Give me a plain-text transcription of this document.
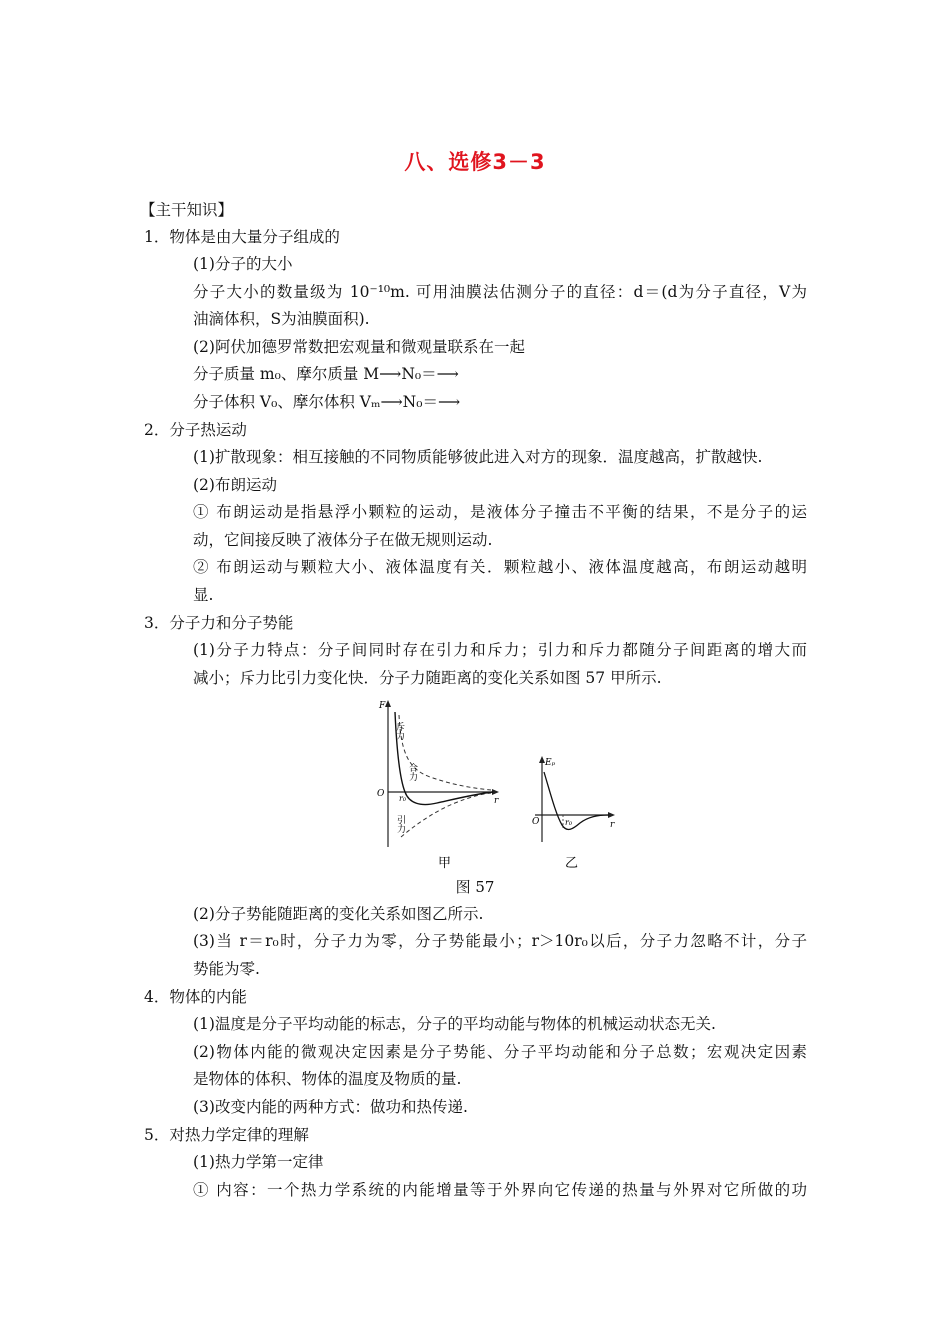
八、选修3－3
【主干知识】
1．物体是由大量分子组成的
(1)分子的大小
分子大小的数量级为 10⁻¹⁰m. 可用油膜法估测分子的直径：d＝(d为分子直径，V为
油滴体积，S为油膜面积).
(2)阿伏加德罗常数把宏观量和微观量联系在一起
分子质量 m₀、摩尔质量 M⟶N₀＝⟶
分子体积 V₀、摩尔体积 Vₘ⟶N₀＝⟶
2．分子热运动
(1)扩散现象：相互接触的不同物质能够彼此进入对方的现象．温度越高，扩散越快.
(2)布朗运动
① 布朗运动是指悬浮小颗粒的运动，是液体分子撞击不平衡的结果，不是分子的运
动，它间接反映了液体分子在做无规则运动.
② 布朗运动与颗粒大小、液体温度有关．颗粒越小、液体温度越高，布朗运动越明
显.
3．分子力和分子势能
(1)分子力特点：分子间同时存在引力和斥力；引力和斥力都随分子间距离的增大而
减小；斥力比引力变化快．分子力随距离的变化关系如图 57 甲所示.
F
r
O r₀
斥力
合力
引力
Eₚ
r
O	r₀
甲	乙
图 57
(2)分子势能随距离的变化关系如图乙所示.
(3)当 r＝r₀时，分子力为零，分子势能最小；r＞10r₀以后，分子力忽略不计，分子
势能为零.
4．物体的内能
(1)温度是分子平均动能的标志，分子的平均动能与物体的机械运动状态无关.
(2)物体内能的微观决定因素是分子势能、分子平均动能和分子总数；宏观决定因素
是物体的体积、物体的温度及物质的量.
(3)改变内能的两种方式：做功和热传递.
5．对热力学定律的理解
(1)热力学第一定律
① 内容：一个热力学系统的内能增量等于外界向它传递的热量与外界对它所做的功
